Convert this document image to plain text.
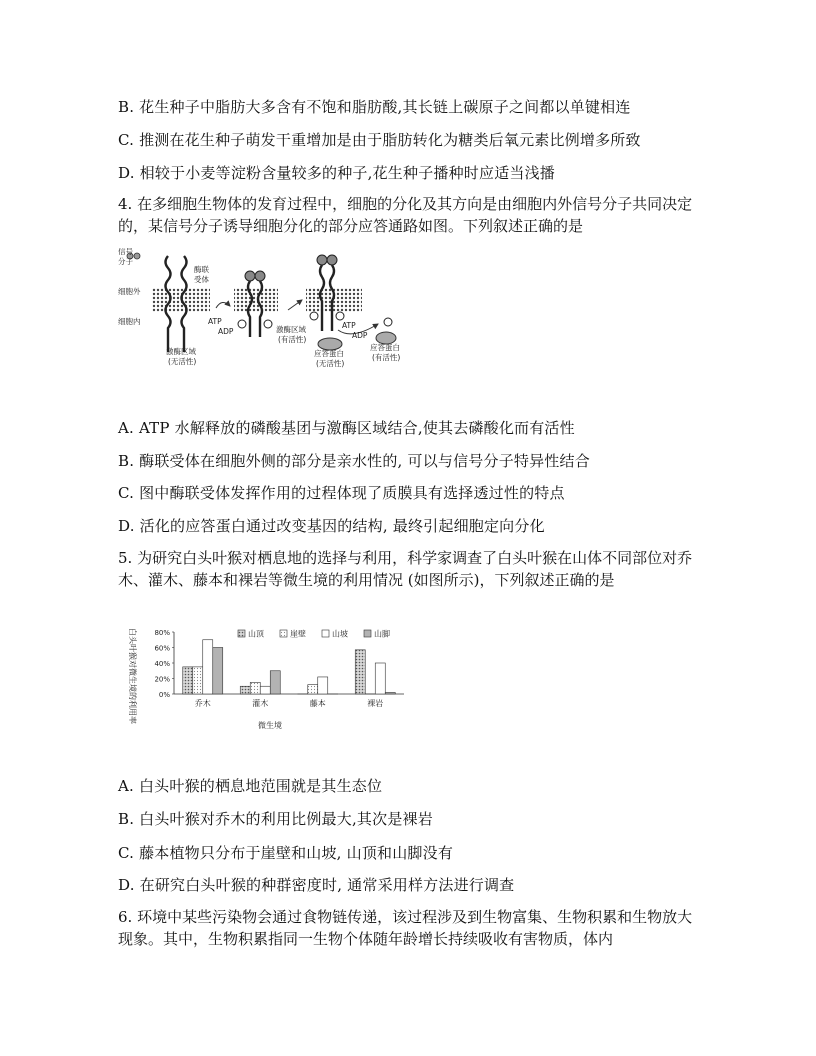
B. 花生种子中脂肪大多含有不饱和脂肪酸,其长链上碳原子之间都以单键相连
C. 推测在花生种子萌发干重增加是由于脂肪转化为糖类后氧元素比例增多所致
D. 相较于小麦等淀粉含量较多的种子,花生种子播种时应适当浅播
4. 在多细胞生物体的发育过程中，细胞的分化及其方向是由细胞内外信号分子共同决定的，某信号分子诱导细胞分化的部分应答通路如图。下列叙述正确的是
信号
分子
酶联
受体
细胞外
细胞内	ATP
ADP
激酶区域
(无活性)
激酶区域
(有活性)
ATP
ADP
应答蛋白
(无活性)
应答蛋白
(有活性)
A. ATP 水解释放的磷酸基团与激酶区域结合,使其去磷酸化而有活性
B. 酶联受体在细胞外侧的部分是亲水性的, 可以与信号分子特异性结合
C. 图中酶联受体发挥作用的过程体现了质膜具有选择透过性的特点
D. 活化的应答蛋白通过改变基因的结构, 最终引起细胞定向分化
5. 为研究白头叶猴对栖息地的选择与利用，科学家调查了白头叶猴在山体不同部位对乔木、灌木、藤本和裸岩等微生境的利用情况 (如图所示)，下列叙述正确的是
白头叶猴对微生境的利用率	0%
20%
40%
60%
80%
乔木	灌木	藤本	裸岩
山顶	崖壁	山坡	山脚
微生境
A. 白头叶猴的栖息地范围就是其生态位
B. 白头叶猴对乔木的利用比例最大,其次是裸岩
C. 藤本植物只分布于崖壁和山坡, 山顶和山脚没有
D. 在研究白头叶猴的种群密度时, 通常采用样方法进行调查
6. 环境中某些污染物会通过食物链传递，该过程涉及到生物富集、生物积累和生物放大现象。其中，生物积累指同一生物个体随年龄增长持续吸收有害物质，体内
